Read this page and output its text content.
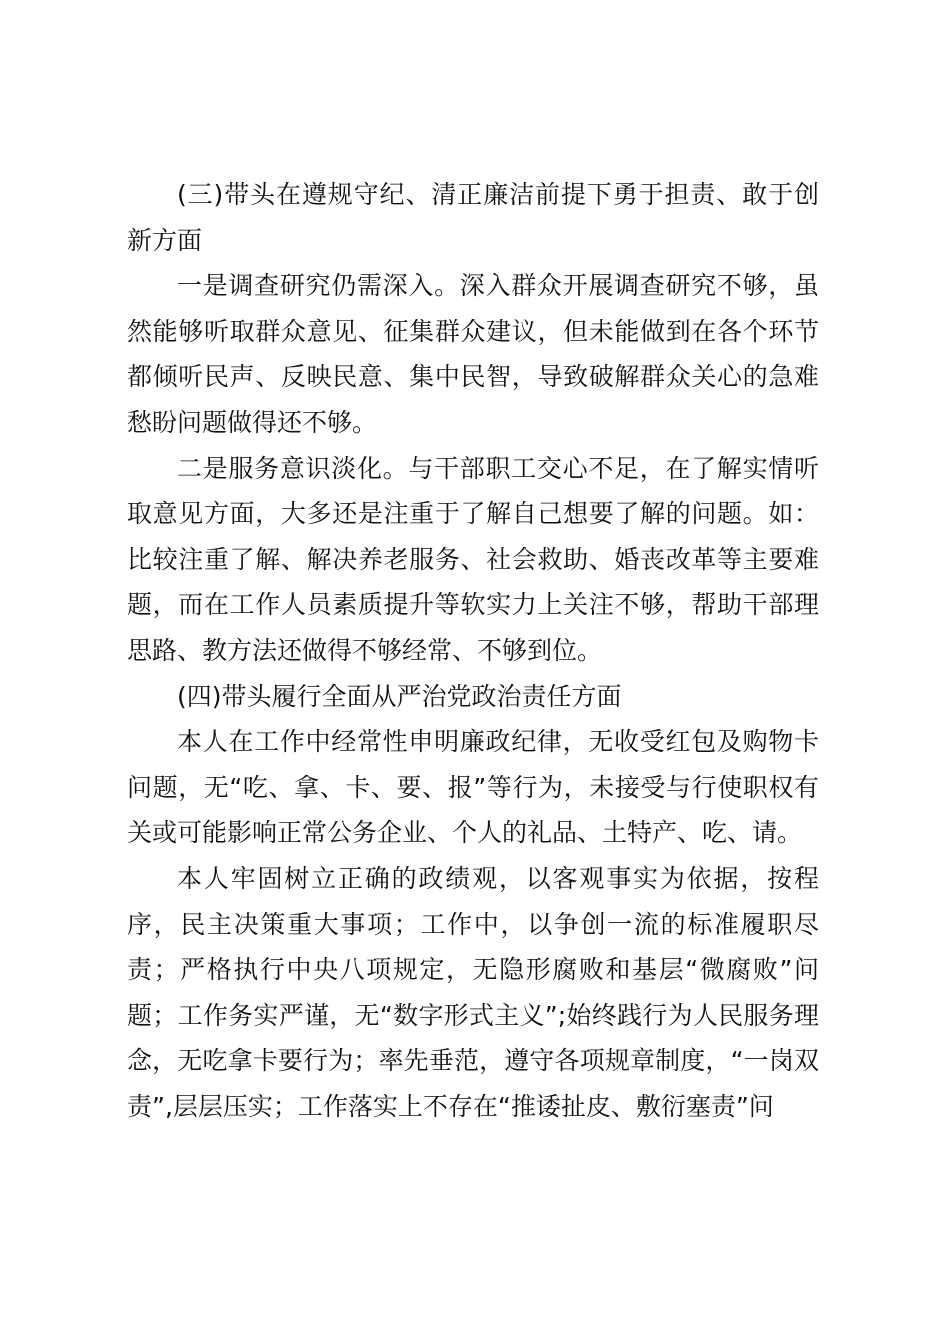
(三)带头在遵规守纪、清正廉洁前提下勇于担责、敢于创新方面

一是调查研究仍需深入。深入群众开展调查研究不够，虽然能够听取群众意见、征集群众建议，但未能做到在各个环节都倾听民声、反映民意、集中民智，导致破解群众关心的急难愁盼问题做得还不够。

二是服务意识淡化。与干部职工交心不足，在了解实情听取意见方面，大多还是注重于了解自己想要了解的问题。如：比较注重了解、解决养老服务、社会救助、婚丧改革等主要难题，而在工作人员素质提升等软实力上关注不够，帮助干部理思路、教方法还做得不够经常、不够到位。

(四)带头履行全面从严治党政治责任方面

本人在工作中经常性申明廉政纪律，无收受红包及购物卡问题，无“吃、拿、卡、要、报”等行为，未接受与行使职权有关或可能影响正常公务企业、个人的礼品、土特产、吃、请。

本人牢固树立正确的政绩观，以客观事实为依据，按程序，民主决策重大事项；工作中，以争创一流的标准履职尽责；严格执行中央八项规定，无隐形腐败和基层“微腐败”问题；工作务实严谨，无“数字形式主义”;始终践行为人民服务理念，无吃拿卡要行为；率先垂范，遵守各项规章制度，“一岗双责”,层层压实；工作落实上不存在“推诿扯皮、敷衍塞责”问
